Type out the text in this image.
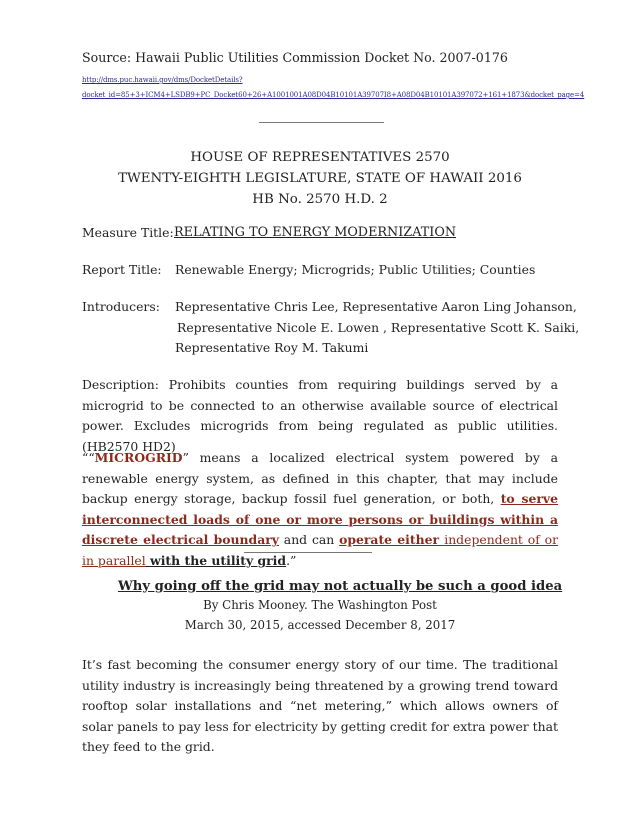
Source: Hawaii Public Utilities Commission Docket No. 2007-0176
http://dms.puc.hawaii.gov/dms/DocketDetails?
docket_id=85+3+ICM4+LSDB9+PC_Docket60+26+A1001001A08D04B10101A39707I8+A08D04B10101A397072+161+1873&docket_page=4
HOUSE OF REPRESENTATIVES 2570
TWENTY-EIGHTH LEGISLATURE, STATE OF HAWAII 2016
HB No. 2570 H.D. 2
Measure Title: RELATING TO ENERGY MODERNIZATION
Report Title: Renewable Energy; Microgrids; Public Utilities; Counties
Introducers: Representative Chris Lee, Representative Aaron Ling Johanson,
Representative Nicole E. Lowen , Representative Scott K. Saiki,
Representative Roy M. Takumi
Description: Prohibits counties from requiring buildings served by a microgrid to be connected to an otherwise available source of electrical power. Excludes microgrids from being regulated as public utilities. (HB2570 HD2)
““MICROGRID” means a localized electrical system powered by a renewable energy system, as defined in this chapter, that may include backup energy storage, backup fossil fuel generation, or both, to serve interconnected loads of one or more persons or buildings within a discrete electrical boundary and can operate either independent of or in parallel with the utility grid.”
Why going off the grid may not actually be such a good idea
By Chris Mooney. The Washington Post
March 30, 2015, accessed December 8, 2017
It’s fast becoming the consumer energy story of our time. The traditional utility industry is increasingly being threatened by a growing trend toward rooftop solar installations and “net metering,” which allows owners of solar panels to pay less for electricity by getting credit for extra power that they feed to the grid.
